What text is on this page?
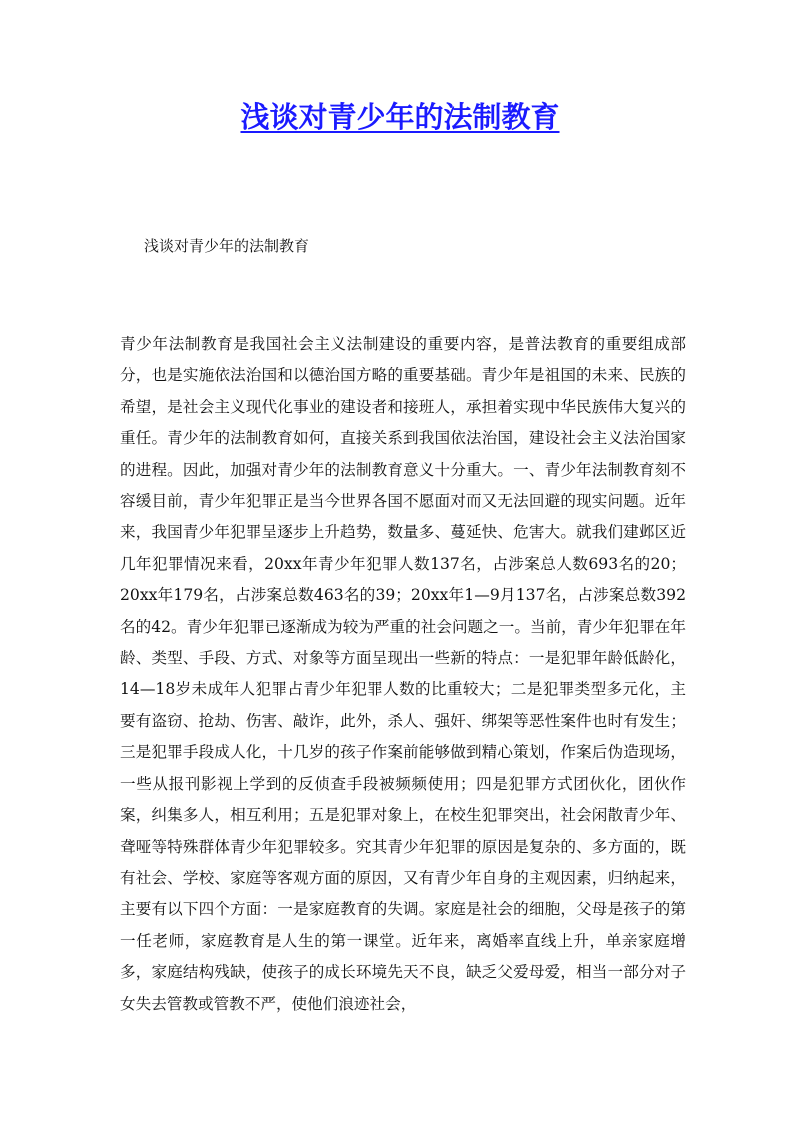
浅谈对青少年的法制教育

浅谈对青少年的法制教育

青少年法制教育是我国社会主义法制建设的重要内容，是普法教育的重要组成部分，也是实施依法治国和以德治国方略的重要基础。青少年是祖国的未来、民族的希望，是社会主义现代化事业的建设者和接班人，承担着实现中华民族伟大复兴的重任。青少年的法制教育如何，直接关系到我国依法治国，建设社会主义法治国家的进程。因此，加强对青少年的法制教育意义十分重大。一、青少年法制教育刻不容缓目前，青少年犯罪正是当今世界各国不愿面对而又无法回避的现实问题。近年来，我国青少年犯罪呈逐步上升趋势，数量多、蔓延快、危害大。就我们建邺区近几年犯罪情况来看，20xx年青少年犯罪人数137名，占涉案总人数693名的20；20xx年179名，占涉案总数463名的39；20xx年1—9月137名，占涉案总数392名的42。青少年犯罪已逐渐成为较为严重的社会问题之一。当前，青少年犯罪在年龄、类型、手段、方式、对象等方面呈现出一些新的特点：一是犯罪年龄低龄化，14—18岁未成年人犯罪占青少年犯罪人数的比重较大；二是犯罪类型多元化，主要有盗窃、抢劫、伤害、敲诈，此外，杀人、强奸、绑架等恶性案件也时有发生；三是犯罪手段成人化，十几岁的孩子作案前能够做到精心策划，作案后伪造现场，一些从报刊影视上学到的反侦查手段被频频使用；四是犯罪方式团伙化，团伙作案，纠集多人，相互利用；五是犯罪对象上，在校生犯罪突出，社会闲散青少年、聋哑等特殊群体青少年犯罪较多。究其青少年犯罪的原因是复杂的、多方面的，既有社会、学校、家庭等客观方面的原因，又有青少年自身的主观因素，归纳起来，主要有以下四个方面：一是家庭教育的失调。家庭是社会的细胞，父母是孩子的第一任老师，家庭教育是人生的第一课堂。近年来，离婚率直线上升，单亲家庭增多，家庭结构残缺，使孩子的成长环境先天不良，缺乏父爱母爱，相当一部分对子女失去管教或管教不严，使他们浪迹社会，
